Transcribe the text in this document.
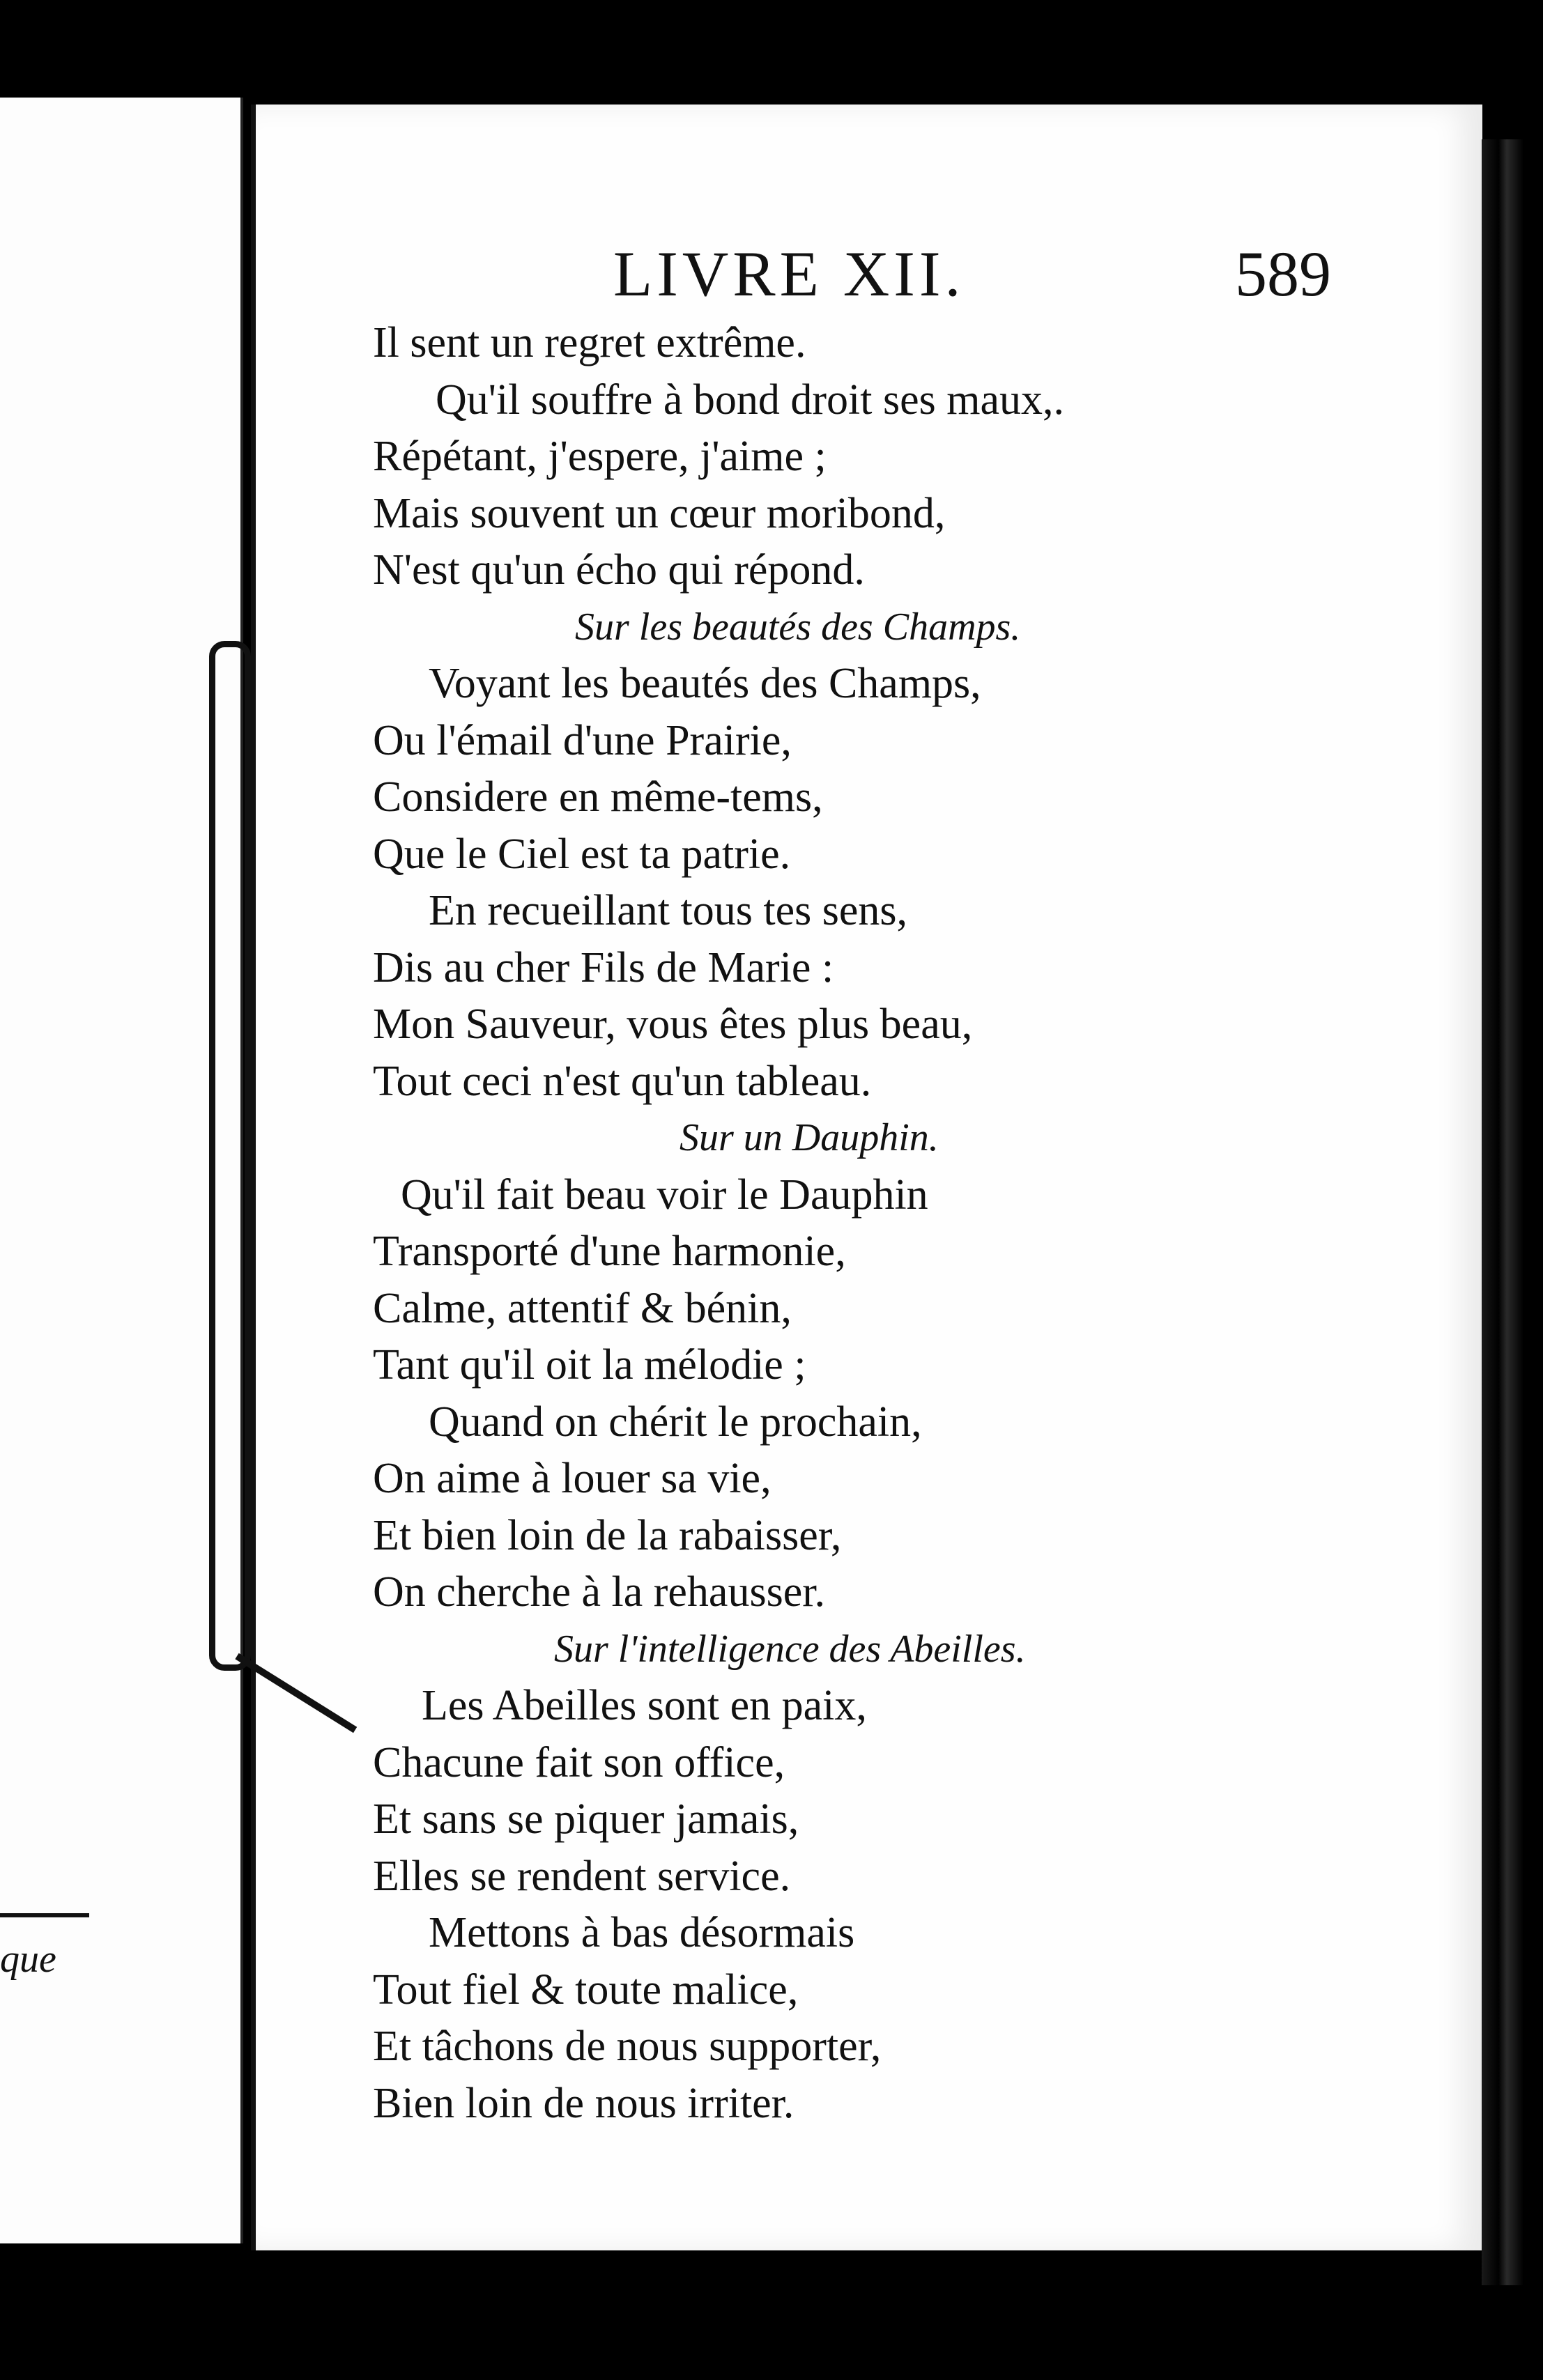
que
LIVRE XII.	589
Il sent un regret extrême.
Qu'il souffre à bond droit ses maux,.
Répétant, j'espere, j'aime ;
Mais souvent un cœur moribond,
N'est qu'un écho qui répond.
Sur les beautés des Champs.
Voyant les beautés des Champs,
Ou l'émail d'une Prairie,
Considere en même-tems,
Que le Ciel est ta patrie.
En recueillant tous tes sens,
Dis au cher Fils de Marie :
Mon Sauveur, vous êtes plus beau,
Tout ceci n'est qu'un tableau.
Sur un Dauphin.
Qu'il fait beau voir le Dauphin
Transporté d'une harmonie,
Calme, attentif & bénin,
Tant qu'il oit la mélodie ;
Quand on chérit le prochain,
On aime à louer sa vie,
Et bien loin de la rabaisser,
On cherche à la rehausser.
Sur l'intelligence des Abeilles.
Les Abeilles sont en paix,
Chacune fait son office,
Et sans se piquer jamais,
Elles se rendent service.
Mettons à bas désormais
Tout fiel & toute malice,
Et tâchons de nous supporter,
Bien loin de nous irriter.
